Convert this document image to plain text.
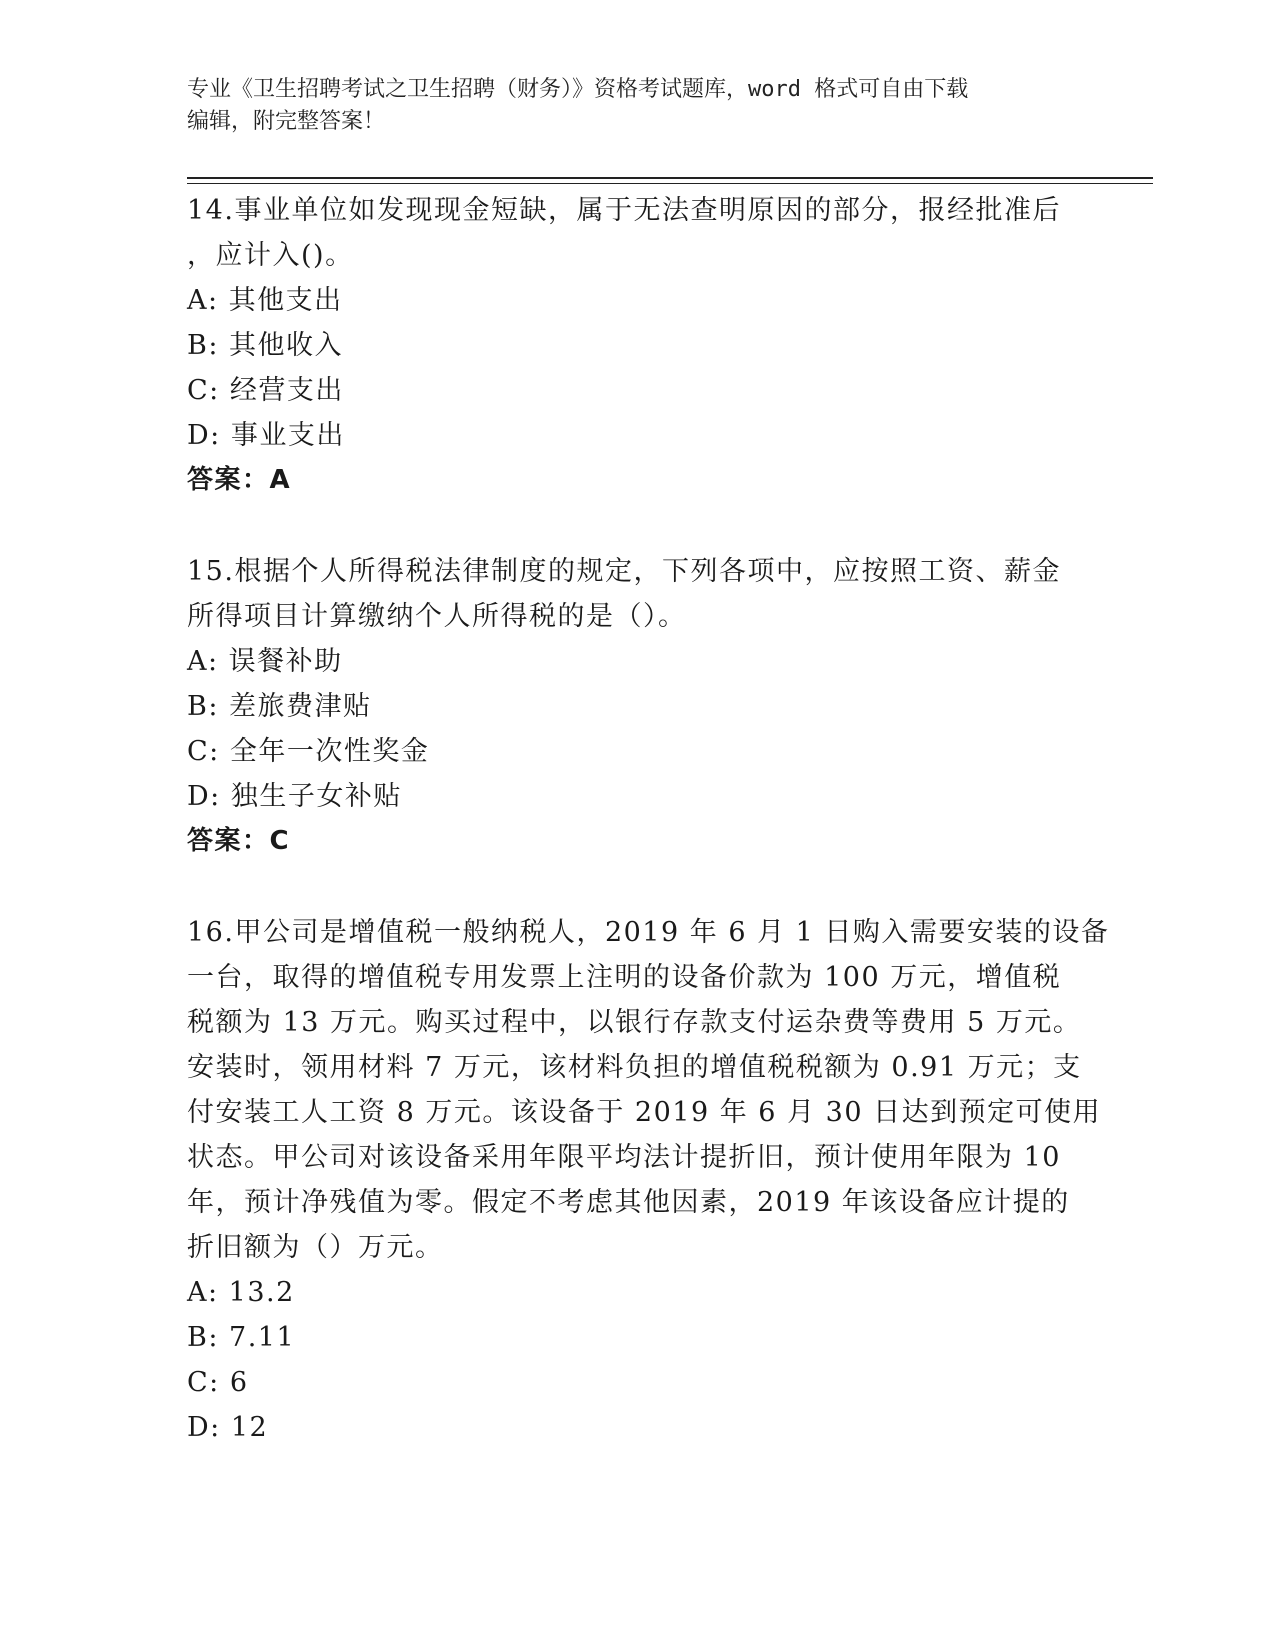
专业《卫生招聘考试之卫生招聘（财务）》资格考试题库，word 格式可自由下载
编辑，附完整答案！
14.事业单位如发现现金短缺，属于无法查明原因的部分，报经批准后
，应计入()。
A: 其他支出
B: 其他收入
C: 经营支出
D: 事业支出
答案：A
15.根据个人所得税法律制度的规定，下列各项中，应按照工资、薪金
所得项目计算缴纳个人所得税的是（）。
A: 误餐补助
B: 差旅费津贴
C: 全年一次性奖金
D: 独生子女补贴
答案：C
16.甲公司是增值税一般纳税人，2019 年 6 月 1 日购入需要安装的设备
一台，取得的增值税专用发票上注明的设备价款为 100 万元，增值税
税额为 13 万元。购买过程中，以银行存款支付运杂费等费用 5 万元。
安装时，领用材料 7 万元，该材料负担的增值税税额为 0.91 万元；支
付安装工人工资 8 万元。该设备于 2019 年 6 月 30 日达到预定可使用
状态。甲公司对该设备采用年限平均法计提折旧，预计使用年限为 10
年，预计净残值为零。假定不考虑其他因素，2019 年该设备应计提的
折旧额为（）万元。
A: 13.2
B: 7.11
C: 6
D: 12
